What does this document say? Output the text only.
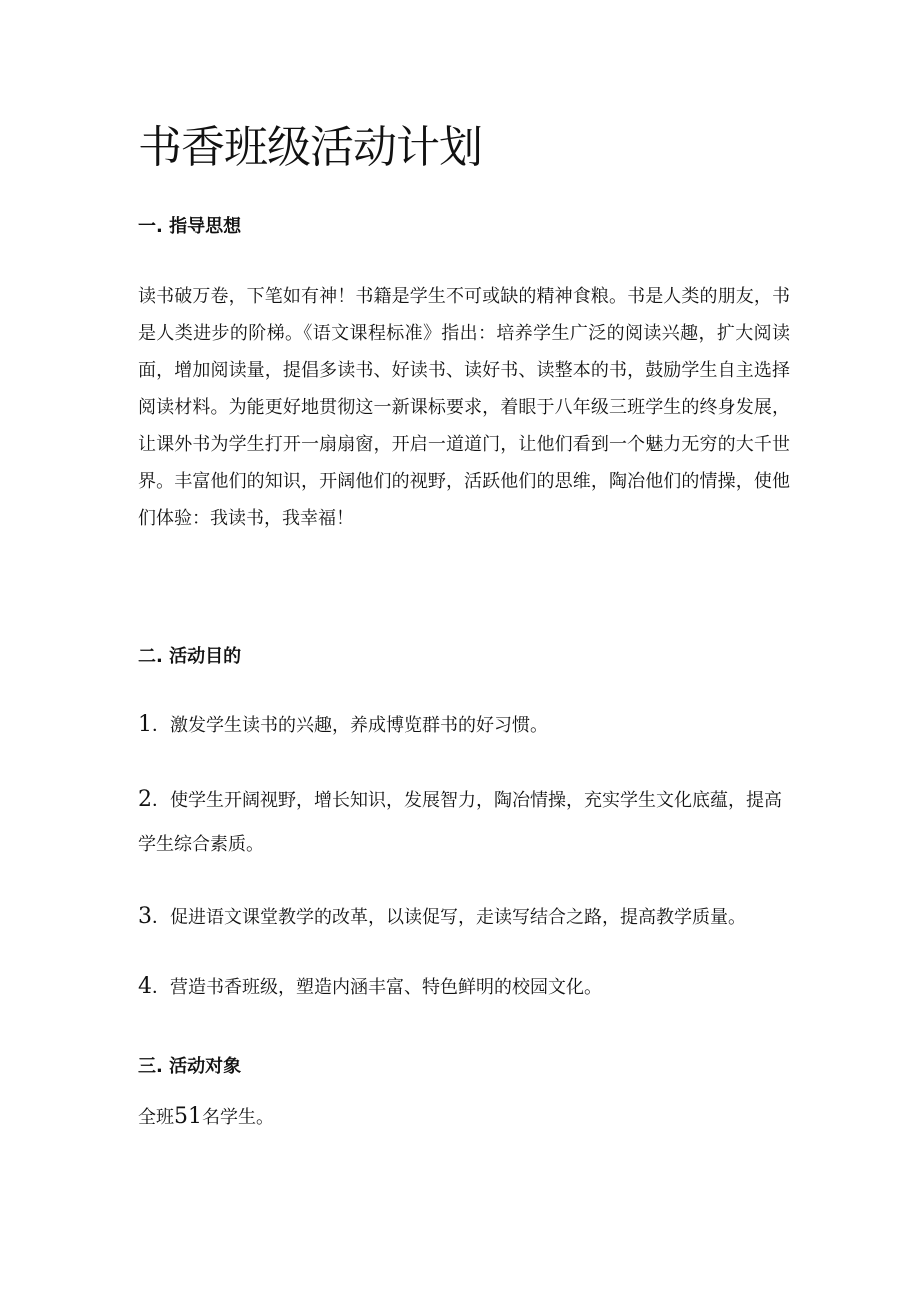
书香班级活动计划
一. 指导思想

读书破万卷，下笔如有神！书籍是学生不可或缺的精神食粮。书是人类的朋友，书是人类进步的阶梯。《语文课程标准》指出：培养学生广泛的阅读兴趣，扩大阅读面，增加阅读量，提倡多读书、好读书、读好书、读整本的书，鼓励学生自主选择阅读材料。为能更好地贯彻这一新课标要求，着眼于八年级三班学生的终身发展，让课外书为学生打开一扇扇窗，开启一道道门，让他们看到一个魅力无穷的大千世界。丰富他们的知识，开阔他们的视野，活跃他们的思维，陶冶他们的情操，使他们体验：我读书，我幸福！

二. 活动目的
1．激发学生读书的兴趣，养成博览群书的好习惯。
2．使学生开阔视野，增长知识，发展智力，陶冶情操，充实学生文化底蕴，提高学生综合素质。
3．促进语文课堂教学的改革，以读促写，走读写结合之路，提高教学质量。
4．营造书香班级，塑造内涵丰富、特色鲜明的校园文化。
三. 活动对象

全班51名学生。
